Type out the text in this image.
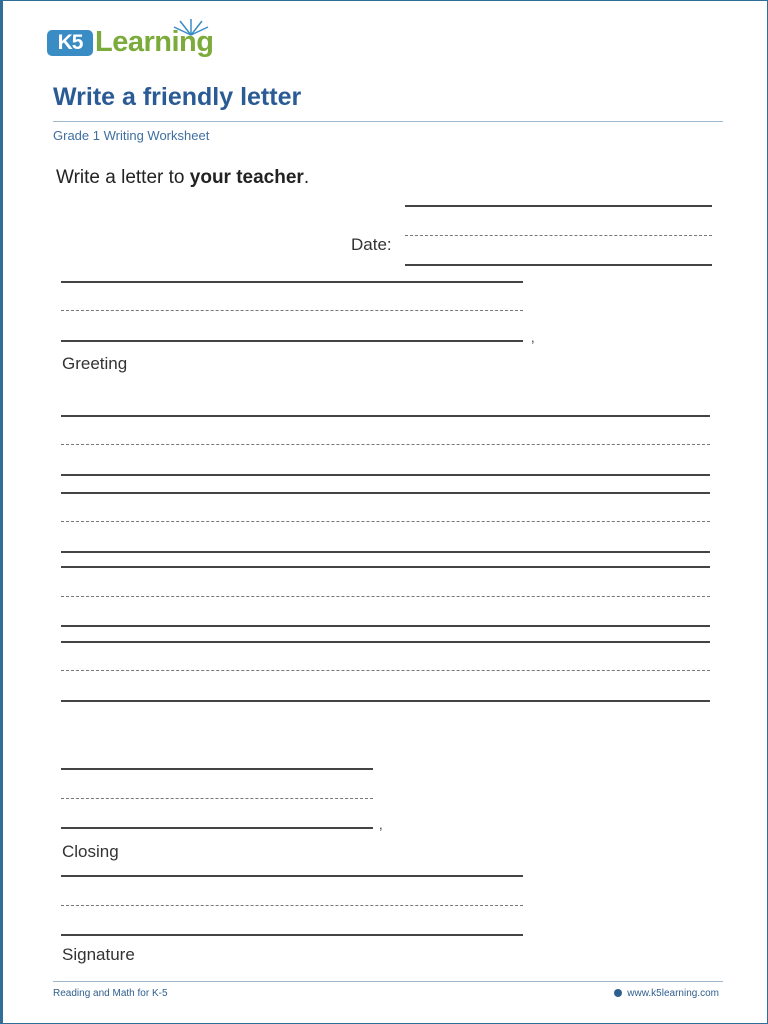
K5 Learning
Write a friendly letter
Grade 1 Writing Worksheet
Write a letter to your teacher.
Date:
,
Greeting
,
Closing
Signature
Reading and Math for K-5	www.k5learning.com
